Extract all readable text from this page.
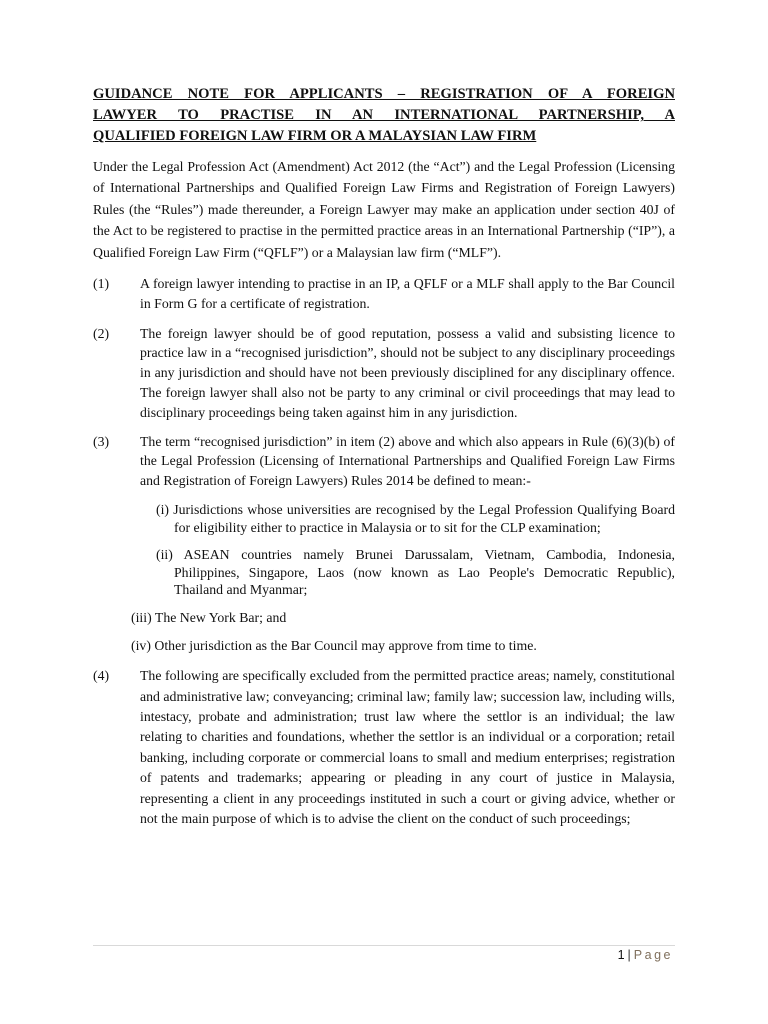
GUIDANCE NOTE FOR APPLICANTS – REGISTRATION OF A FOREIGN
LAWYER TO PRACTISE IN AN INTERNATIONAL PARTNERSHIP, A
QUALIFIED FOREIGN LAW FIRM OR A MALAYSIAN LAW FIRM

Under the Legal Profession Act (Amendment) Act 2012 (the “Act”) and the Legal Profession (Licensing of International Partnerships and Qualified Foreign Law Firms and Registration of Foreign Lawyers) Rules (the “Rules”) made thereunder, a Foreign Lawyer may make an application under section 40J of the Act to be registered to practise in the permitted practice areas in an International Partnership (“IP”), a Qualified Foreign Law Firm (“QFLF”) or a Malaysian law firm (“MLF”).

(1) A foreign lawyer intending to practise in an IP, a QFLF or a MLF shall apply to the Bar Council in Form G for a certificate of registration.
(2) The foreign lawyer should be of good reputation, possess a valid and subsisting licence to practice law in a “recognised jurisdiction”, should not be subject to any disciplinary proceedings in any jurisdiction and should have not been previously disciplined for any disciplinary offence. The foreign lawyer shall also not be party to any criminal or civil proceedings that may lead to disciplinary proceedings being taken against him in any jurisdiction.
(3) The term “recognised jurisdiction” in item (2) above and which also appears in Rule (6)(3)(b) of the Legal Profession (Licensing of International Partnerships and Qualified Foreign Law Firms and Registration of Foreign Lawyers) Rules 2014 be defined to mean:-
(i) Jurisdictions whose universities are recognised by the Legal Profession Qualifying Board for eligibility either to practice in Malaysia or to sit for the CLP examination;
(ii) ASEAN countries namely Brunei Darussalam, Vietnam, Cambodia, Indonesia, Philippines, Singapore, Laos (now known as Lao People's Democratic Republic), Thailand and Myanmar;
(iii) The New York Bar; and
(iv) Other jurisdiction as the Bar Council may approve from time to time.
(4) The following are specifically excluded from the permitted practice areas; namely, constitutional and administrative law; conveyancing; criminal law; family law; succession law, including wills, intestacy, probate and administration; trust law where the settlor is an individual; the law relating to charities and foundations, whether the settlor is an individual or a corporation; retail banking, including corporate or commercial loans to small and medium enterprises; registration of patents and trademarks; appearing or pleading in any court of justice in Malaysia, representing a client in any proceedings instituted in such a court or giving advice, whether or not the main purpose of which is to advise the client on the conduct of such proceedings;
1 | Page
